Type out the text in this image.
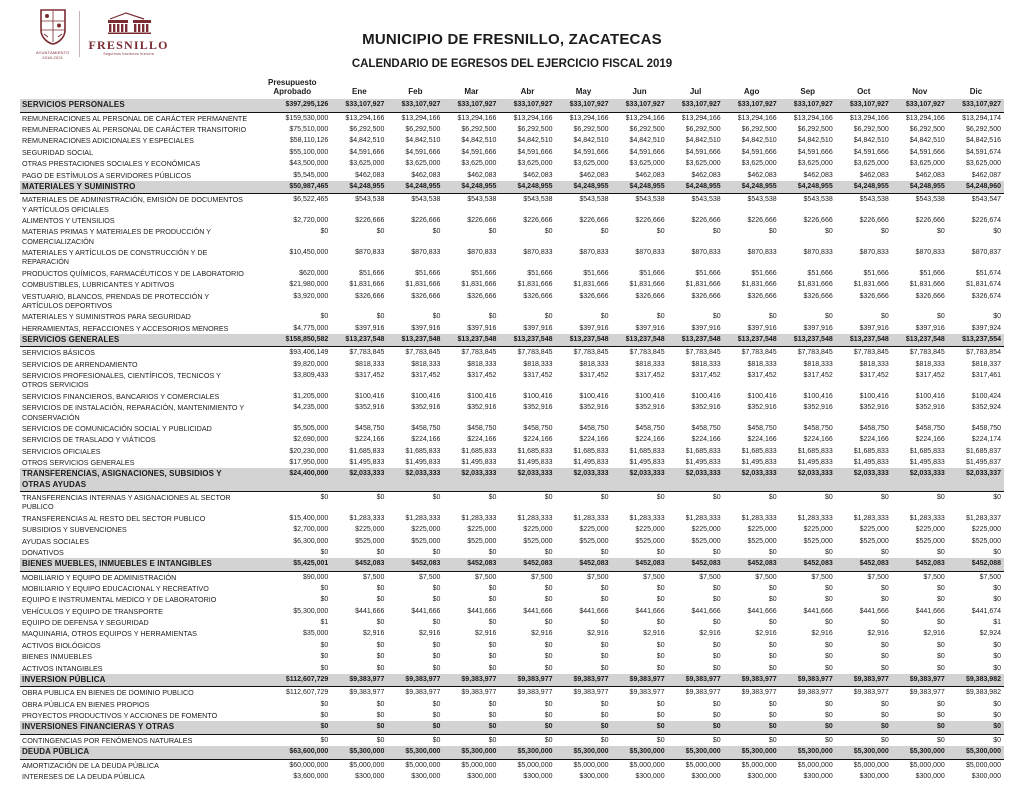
AYUNTAMIENTO
2018-2021
FRESNILLO
Seguimos haciendo historia
MUNICIPIO DE FRESNILLO, ZACATECAS
CALENDARIO DE EGRESOS DEL EJERCICIO FISCAL 2019
	Presupuesto Aprobado	Ene	Feb	Mar	Abr	May	Jun	Jul	Ago	Sep	Oct	Nov	Dic
SERVICIOS PERSONALES	$397,295,126	$33,107,927	$33,107,927	$33,107,927	$33,107,927	$33,107,927	$33,107,927	$33,107,927	$33,107,927	$33,107,927	$33,107,927	$33,107,927	$33,107,927
REMUNERACIONES AL PERSONAL DE CARÁCTER PERMANENTE	$159,530,000	$13,294,166	$13,294,166	$13,294,166	$13,294,166	$13,294,166	$13,294,166	$13,294,166	$13,294,166	$13,294,166	$13,294,166	$13,294,166	$13,294,174
REMUNERACIONES AL PERSONAL DE CARÁCTER TRANSITORIO	$75,510,000	$6,292,500	$6,292,500	$6,292,500	$6,292,500	$6,292,500	$6,292,500	$6,292,500	$6,292,500	$6,292,500	$6,292,500	$6,292,500	$6,292,500
REMUNERACIONES ADICIONALES Y ESPECIALES	$58,110,126	$4,842,510	$4,842,510	$4,842,510	$4,842,510	$4,842,510	$4,842,510	$4,842,510	$4,842,510	$4,842,510	$4,842,510	$4,842,510	$4,842,516
SEGURIDAD SOCIAL	$55,100,000	$4,591,666	$4,591,666	$4,591,666	$4,591,666	$4,591,666	$4,591,666	$4,591,666	$4,591,666	$4,591,666	$4,591,666	$4,591,666	$4,591,674
OTRAS PRESTACIONES SOCIALES Y ECONÓMICAS	$43,500,000	$3,625,000	$3,625,000	$3,625,000	$3,625,000	$3,625,000	$3,625,000	$3,625,000	$3,625,000	$3,625,000	$3,625,000	$3,625,000	$3,625,000
PAGO DE ESTÍMULOS A SERVIDORES PÚBLICOS	$5,545,000	$462,083	$462,083	$462,083	$462,083	$462,083	$462,083	$462,083	$462,083	$462,083	$462,083	$462,083	$462,087
MATERIALES Y SUMINISTRO	$50,987,465	$4,248,955	$4,248,955	$4,248,955	$4,248,955	$4,248,955	$4,248,955	$4,248,955	$4,248,955	$4,248,955	$4,248,955	$4,248,955	$4,248,960
MATERIALES DE ADMINISTRACIÓN, EMISIÓN DE DOCUMENTOS Y ARTÍCULOS OFICIALES	$6,522,465	$543,538	$543,538	$543,538	$543,538	$543,538	$543,538	$543,538	$543,538	$543,538	$543,538	$543,538	$543,547
ALIMENTOS Y UTENSILIOS	$2,720,000	$226,666	$226,666	$226,666	$226,666	$226,666	$226,666	$226,666	$226,666	$226,666	$226,666	$226,666	$226,674
MATERIAS PRIMAS Y MATERIALES DE PRODUCCIÓN Y COMERCIALIZACIÓN	$0	$0	$0	$0	$0	$0	$0	$0	$0	$0	$0	$0	$0
MATERIALES Y ARTÍCULOS DE CONSTRUCCIÓN Y DE REPARACIÓN	$10,450,000	$870,833	$870,833	$870,833	$870,833	$870,833	$870,833	$870,833	$870,833	$870,833	$870,833	$870,833	$870,837
PRODUCTOS QUÍMICOS, FARMACÉUTICOS Y DE LABORATORIO	$620,000	$51,666	$51,666	$51,666	$51,666	$51,666	$51,666	$51,666	$51,666	$51,666	$51,666	$51,666	$51,674
COMBUSTIBLES, LUBRICANTES Y ADITIVOS	$21,980,000	$1,831,666	$1,831,666	$1,831,666	$1,831,666	$1,831,666	$1,831,666	$1,831,666	$1,831,666	$1,831,666	$1,831,666	$1,831,666	$1,831,674
VESTUARIO, BLANCOS, PRENDAS DE PROTECCIÓN Y ARTÍCULOS DEPORTIVOS	$3,920,000	$326,666	$326,666	$326,666	$326,666	$326,666	$326,666	$326,666	$326,666	$326,666	$326,666	$326,666	$326,674
MATERIALES Y SUMINISTROS PARA SEGURIDAD	$0	$0	$0	$0	$0	$0	$0	$0	$0	$0	$0	$0	$0
HERRAMIENTAS, REFACCIONES Y ACCESORIOS MENORES	$4,775,000	$397,916	$397,916	$397,916	$397,916	$397,916	$397,916	$397,916	$397,916	$397,916	$397,916	$397,916	$397,924
SERVICIOS GENERALES	$158,850,582	$13,237,548	$13,237,548	$13,237,548	$13,237,548	$13,237,548	$13,237,548	$13,237,548	$13,237,548	$13,237,548	$13,237,548	$13,237,548	$13,237,554
SERVICIOS BÁSICOS	$93,406,149	$7,783,845	$7,783,845	$7,783,845	$7,783,845	$7,783,845	$7,783,845	$7,783,845	$7,783,845	$7,783,845	$7,783,845	$7,783,845	$7,783,854
SERVICIOS DE ARRENDAMIENTO	$9,820,000	$818,333	$818,333	$818,333	$818,333	$818,333	$818,333	$818,333	$818,333	$818,333	$818,333	$818,333	$818,337
SERVICIOS PROFESIONALES, CIENTÍFICOS, TECNICOS Y OTROS SERVICIOS	$3,809,433	$317,452	$317,452	$317,452	$317,452	$317,452	$317,452	$317,452	$317,452	$317,452	$317,452	$317,452	$317,461
SERVICIOS FINANCIEROS, BANCARIOS Y COMERCIALES	$1,205,000	$100,416	$100,416	$100,416	$100,416	$100,416	$100,416	$100,416	$100,416	$100,416	$100,416	$100,416	$100,424
SERVICIOS DE INSTALACIÓN, REPARACIÓN, MANTENIMIENTO Y CONSERVACIÓN	$4,235,000	$352,916	$352,916	$352,916	$352,916	$352,916	$352,916	$352,916	$352,916	$352,916	$352,916	$352,916	$352,924
SERVICIOS DE COMUNICACIÓN SOCIAL Y PUBLICIDAD	$5,505,000	$458,750	$458,750	$458,750	$458,750	$458,750	$458,750	$458,750	$458,750	$458,750	$458,750	$458,750	$458,750
SERVICIOS DE TRASLADO Y VIÁTICOS	$2,690,000	$224,166	$224,166	$224,166	$224,166	$224,166	$224,166	$224,166	$224,166	$224,166	$224,166	$224,166	$224,174
SERVICIOS OFICIALES	$20,230,000	$1,685,833	$1,685,833	$1,685,833	$1,685,833	$1,685,833	$1,685,833	$1,685,833	$1,685,833	$1,685,833	$1,685,833	$1,685,833	$1,685,837
OTROS SERVICIOS GENERALES	$17,950,000	$1,495,833	$1,495,833	$1,495,833	$1,495,833	$1,495,833	$1,495,833	$1,495,833	$1,495,833	$1,495,833	$1,495,833	$1,495,833	$1,495,837
TRANSFERENCIAS, ASIGNACIONES, SUBSIDIOS Y OTRAS AYUDAS	$24,400,000	$2,033,333	$2,033,333	$2,033,333	$2,033,333	$2,033,333	$2,033,333	$2,033,333	$2,033,333	$2,033,333	$2,033,333	$2,033,333	$2,033,337
TRANSFERENCIAS INTERNAS Y ASIGNACIONES AL SECTOR PUBLICO	$0	$0	$0	$0	$0	$0	$0	$0	$0	$0	$0	$0	$0
TRANSFERENCIAS AL RESTO DEL SECTOR PUBLICO	$15,400,000	$1,283,333	$1,283,333	$1,283,333	$1,283,333	$1,283,333	$1,283,333	$1,283,333	$1,283,333	$1,283,333	$1,283,333	$1,283,333	$1,283,337
SUBSIDIOS Y SUBVENCIONES	$2,700,000	$225,000	$225,000	$225,000	$225,000	$225,000	$225,000	$225,000	$225,000	$225,000	$225,000	$225,000	$225,000
AYUDAS SOCIALES	$6,300,000	$525,000	$525,000	$525,000	$525,000	$525,000	$525,000	$525,000	$525,000	$525,000	$525,000	$525,000	$525,000
DONATIVOS	$0	$0	$0	$0	$0	$0	$0	$0	$0	$0	$0	$0	$0
BIENES MUEBLES, INMUEBLES E INTANGIBLES	$5,425,001	$452,083	$452,083	$452,083	$452,083	$452,083	$452,083	$452,083	$452,083	$452,083	$452,083	$452,083	$452,088
MOBILIARIO Y EQUIPO DE ADMINISTRACIÓN	$90,000	$7,500	$7,500	$7,500	$7,500	$7,500	$7,500	$7,500	$7,500	$7,500	$7,500	$7,500	$7,500
MOBILIARIO Y EQUIPO EDUCACIONAL Y RECREATIVO	$0	$0	$0	$0	$0	$0	$0	$0	$0	$0	$0	$0	$0
EQUIPO E INSTRUMENTAL MEDICO Y DE LABORATORIO	$0	$0	$0	$0	$0	$0	$0	$0	$0	$0	$0	$0	$0
VEHÍCULOS Y EQUIPO DE TRANSPORTE	$5,300,000	$441,666	$441,666	$441,666	$441,666	$441,666	$441,666	$441,666	$441,666	$441,666	$441,666	$441,666	$441,674
EQUIPO DE DEFENSA Y SEGURIDAD	$1	$0	$0	$0	$0	$0	$0	$0	$0	$0	$0	$0	$1
MAQUINARIA, OTROS EQUIPOS Y HERRAMIENTAS	$35,000	$2,916	$2,916	$2,916	$2,916	$2,916	$2,916	$2,916	$2,916	$2,916	$2,916	$2,916	$2,924
ACTIVOS BIOLÓGICOS	$0	$0	$0	$0	$0	$0	$0	$0	$0	$0	$0	$0	$0
BIENES INMUEBLES	$0	$0	$0	$0	$0	$0	$0	$0	$0	$0	$0	$0	$0
ACTIVOS INTANGIBLES	$0	$0	$0	$0	$0	$0	$0	$0	$0	$0	$0	$0	$0
INVERSION PÚBLICA	$112,607,729	$9,383,977	$9,383,977	$9,383,977	$9,383,977	$9,383,977	$9,383,977	$9,383,977	$9,383,977	$9,383,977	$9,383,977	$9,383,977	$9,383,982
OBRA PUBLICA EN BIENES DE DOMINIO PUBLICO	$112,607,729	$9,383,977	$9,383,977	$9,383,977	$9,383,977	$9,383,977	$9,383,977	$9,383,977	$9,383,977	$9,383,977	$9,383,977	$9,383,977	$9,383,982
OBRA PÚBLICA EN BIENES PROPIOS	$0	$0	$0	$0	$0	$0	$0	$0	$0	$0	$0	$0	$0
PROYECTOS PRODUCTIVOS Y ACCIONES DE FOMENTO	$0	$0	$0	$0	$0	$0	$0	$0	$0	$0	$0	$0	$0
INVERSIONES FINANCIERAS Y OTRAS	$0	$0	$0	$0	$0	$0	$0	$0	$0	$0	$0	$0	$0
CONTINGENCIAS POR FENÓMENOS NATURALES	$0	$0	$0	$0	$0	$0	$0	$0	$0	$0	$0	$0	$0
DEUDA PÚBLICA	$63,600,000	$5,300,000	$5,300,000	$5,300,000	$5,300,000	$5,300,000	$5,300,000	$5,300,000	$5,300,000	$5,300,000	$5,300,000	$5,300,000	$5,300,000
AMORTIZACIÓN DE LA DEUDA PÚBLICA	$60,000,000	$5,000,000	$5,000,000	$5,000,000	$5,000,000	$5,000,000	$5,000,000	$5,000,000	$5,000,000	$5,000,000	$5,000,000	$5,000,000	$5,000,000
INTERESES DE LA DEUDA PÚBLICA	$3,600,000	$300,000	$300,000	$300,000	$300,000	$300,000	$300,000	$300,000	$300,000	$300,000	$300,000	$300,000	$300,000
